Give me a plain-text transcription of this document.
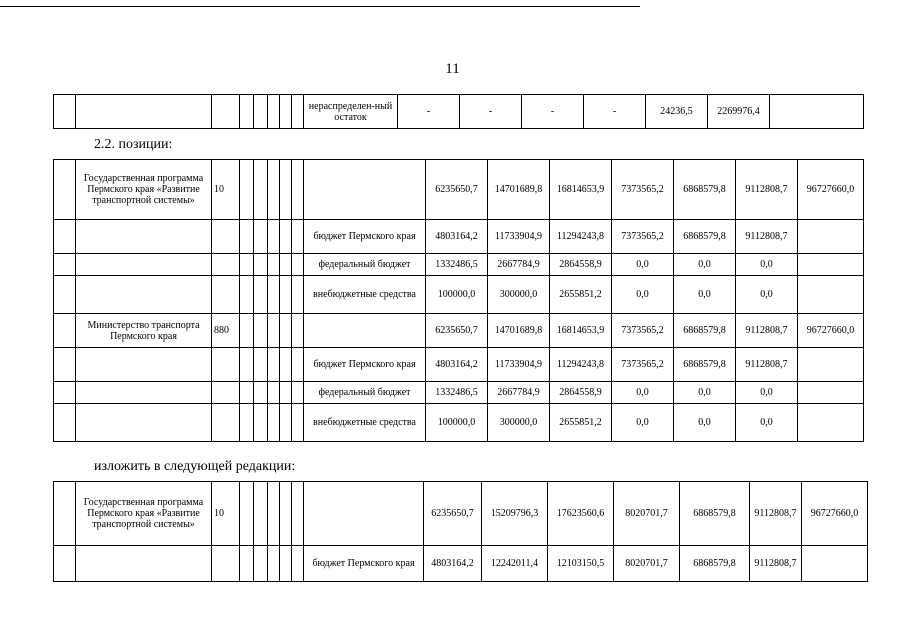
11
								нераспределен-ный остаток	-	-	-	-	24236,5	2269976,4	
2.2. позиции:
	Государственная программа Пермского края «Развитие транспортной системы»	10							6235650,7	14701689,8	16814653,9	7373565,2	6868579,8	9112808,7	96727660,0
								бюджет Пермского края	4803164,2	11733904,9	11294243,8	7373565,2	6868579,8	9112808,7	
								федеральный бюджет	1332486,5	2667784,9	2864558,9	0,0	0,0	0,0	
								внебюджетные средства	100000,0	300000,0	2655851,2	0,0	0,0	0,0	
	Министерство транспорта Пермского края	880							6235650,7	14701689,8	16814653,9	7373565,2	6868579,8	9112808,7	96727660,0
								бюджет Пермского края	4803164,2	11733904,9	11294243,8	7373565,2	6868579,8	9112808,7	
								федеральный бюджет	1332486,5	2667784,9	2864558,9	0,0	0,0	0,0	
								внебюджетные средства	100000,0	300000,0	2655851,2	0,0	0,0	0,0	
изложить в следующей редакции:
	Государственная программа Пермского края «Развитие транспортной системы»	10							6235650,7	15209796,3	17623560,6	8020701,7	6868579,8	9112808,7	96727660,0
								бюджет Пермского края	4803164,2	12242011,4	12103150,5	8020701,7	6868579,8	9112808,7	
